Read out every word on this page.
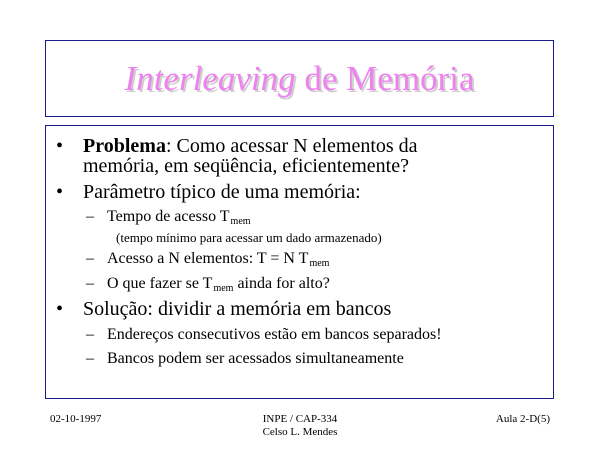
Interleaving de Memória
• Problema: Como acessar N elementos da
memória, em seqüência, eficientemente?
• Parâmetro típico de uma memória:
– Tempo de acesso $T_{mem}$
(tempo mínimo para acessar um dado armazenado)
– Acesso a N elementos: T = N $T_{mem}$
– O que fazer se $T_{mem}$ ainda for alto?
• Solução: dividir a memória em bancos
– Endereços consecutivos estão em bancos separados!
– Bancos podem ser acessados simultaneamente
02-10-1997	INPE / CAP-334
Celso L. Mendes
Aula 2-D(5)
